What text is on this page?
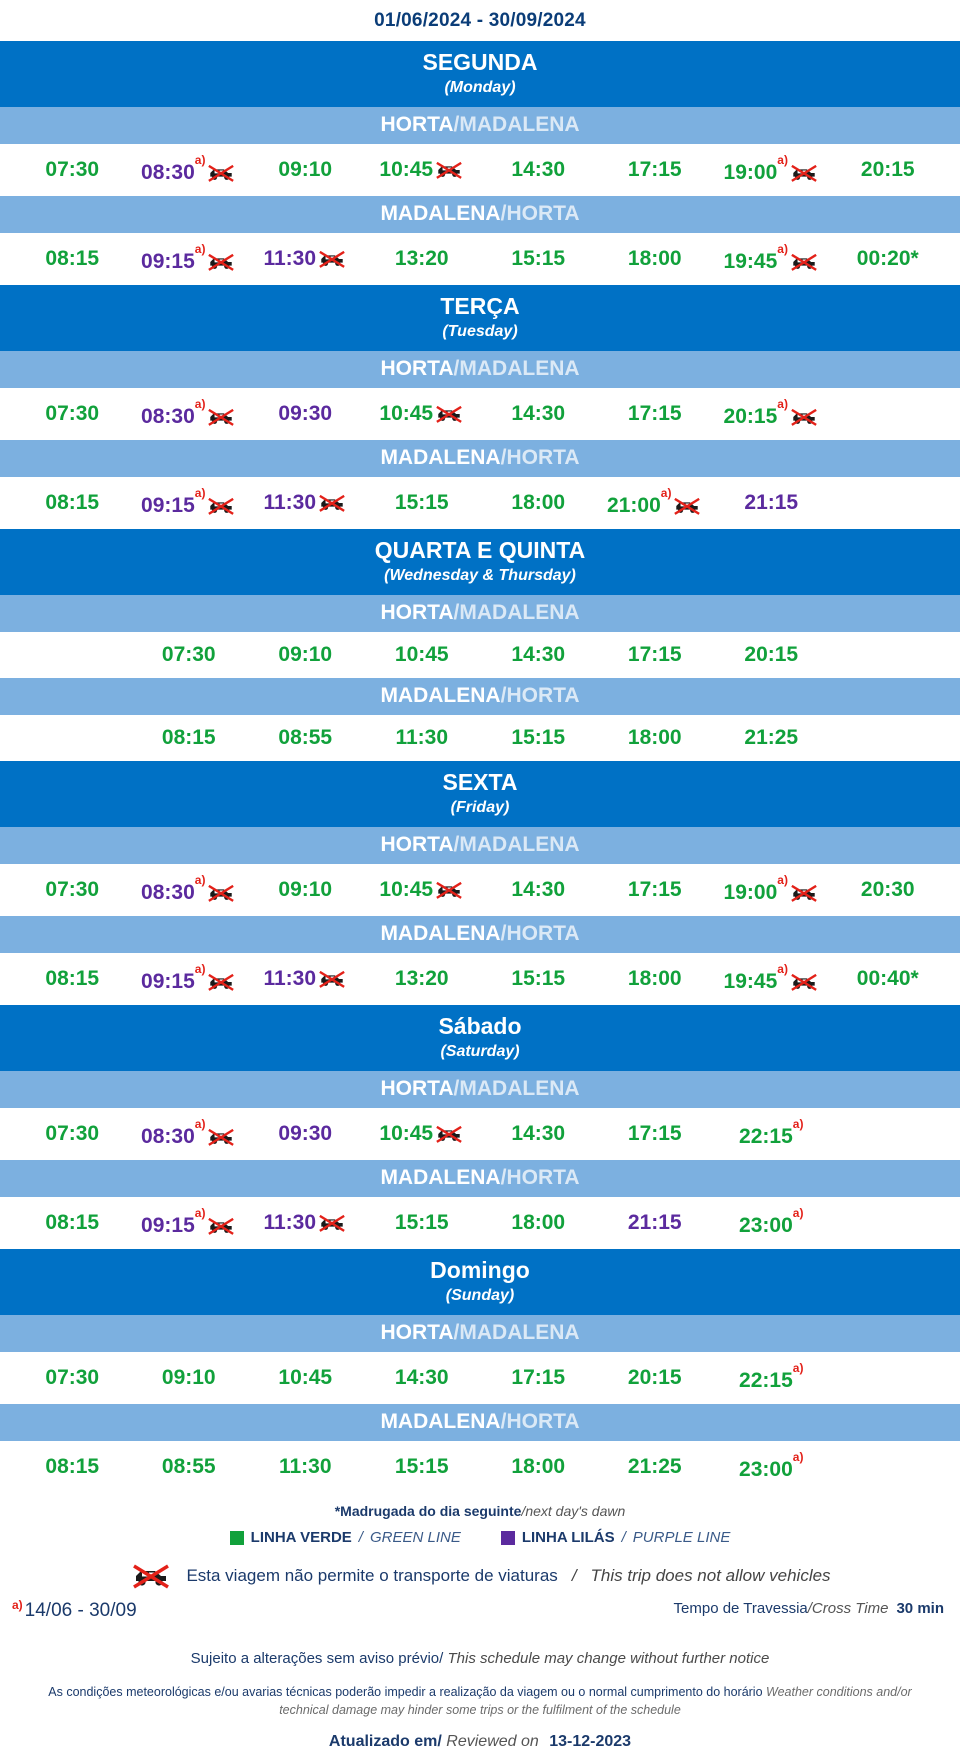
01/06/2024 - 30/09/2024
SEGUNDA
(Monday)
HORTA/MADALENA
07:30	08:30$^{a)}$	09:10	10:45	14:30	17:15	19:00$^{a)}$	20:15
MADALENA/HORTA
08:15	09:15$^{a)}$	11:30	13:20	15:15	18:00	19:45$^{a)}$	00:20*
TERÇA
(Tuesday)
HORTA/MADALENA
07:30	08:30$^{a)}$	09:30	10:45	14:30	17:15	20:15$^{a)}$
MADALENA/HORTA
08:15	09:15$^{a)}$	11:30	15:15	18:00	21:00$^{a)}$	21:15
QUARTA E QUINTA
(Wednesday & Thursday)
HORTA/MADALENA
07:30	09:10	10:45	14:30	17:15	20:15
MADALENA/HORTA
08:15	08:55	11:30	15:15	18:00	21:25
SEXTA
(Friday)
HORTA/MADALENA
07:30	08:30$^{a)}$	09:10	10:45	14:30	17:15	19:00$^{a)}$	20:30
MADALENA/HORTA
08:15	09:15$^{a)}$	11:30	13:20	15:15	18:00	19:45$^{a)}$	00:40*
Sábado
(Saturday)
HORTA/MADALENA
07:30	08:30$^{a)}$	09:30	10:45	14:30	17:15	22:15$^{a)}$
MADALENA/HORTA
08:15	09:15$^{a)}$	11:30	15:15	18:00	21:15	23:00$^{a)}$
Domingo
(Sunday)
HORTA/MADALENA
07:30	09:10	10:45	14:30	17:15	20:15	22:15$^{a)}$
MADALENA/HORTA
08:15	08:55	11:30	15:15	18:00	21:25	23:00$^{a)}$
*Madrugada do dia seguinte/next day's dawn
LINHA VERDE / GREEN LINE	LINHA LILÁS / PURPLE LINE
Esta viagem não permite o transporte de viaturas / This trip does not allow vehicles
a) 14/06 - 30/09	Tempo de Travessia/Cross Time 30 min
Sujeito a alterações sem aviso prévio/ This schedule may change without further notice
As condições meteorológicas e/ou avarias técnicas poderão impedir a realização da viagem ou o normal cumprimento do horário Weather conditions and/or technical damage may hinder some trips or the fulfilment of the schedule
Atualizado em/ Reviewed on 13-12-2023
